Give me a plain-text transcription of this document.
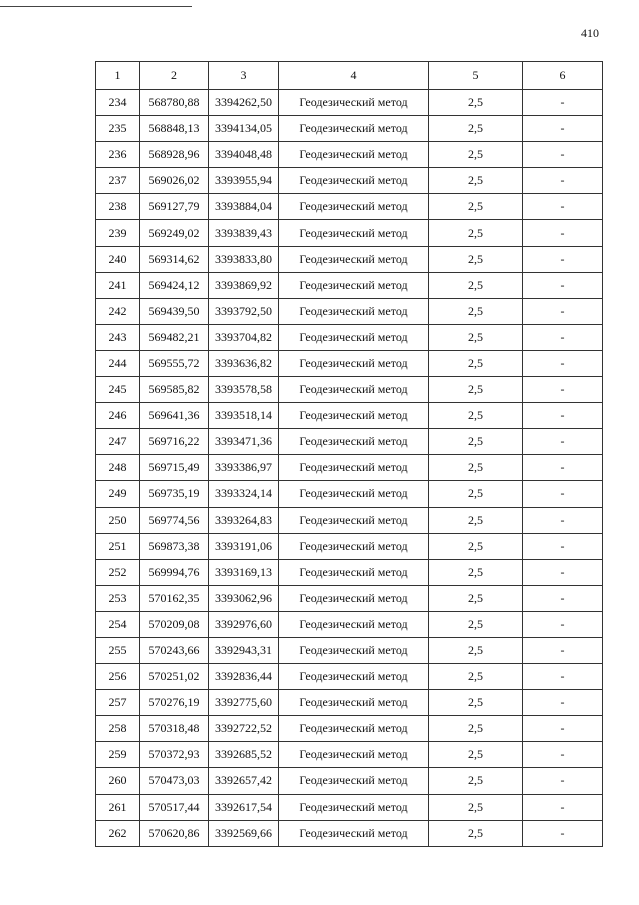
410
1	2	3	4	5	6
234	568780,88	3394262,50	Геодезический метод	2,5	-
235	568848,13	3394134,05	Геодезический метод	2,5	-
236	568928,96	3394048,48	Геодезический метод	2,5	-
237	569026,02	3393955,94	Геодезический метод	2,5	-
238	569127,79	3393884,04	Геодезический метод	2,5	-
239	569249,02	3393839,43	Геодезический метод	2,5	-
240	569314,62	3393833,80	Геодезический метод	2,5	-
241	569424,12	3393869,92	Геодезический метод	2,5	-
242	569439,50	3393792,50	Геодезический метод	2,5	-
243	569482,21	3393704,82	Геодезический метод	2,5	-
244	569555,72	3393636,82	Геодезический метод	2,5	-
245	569585,82	3393578,58	Геодезический метод	2,5	-
246	569641,36	3393518,14	Геодезический метод	2,5	-
247	569716,22	3393471,36	Геодезический метод	2,5	-
248	569715,49	3393386,97	Геодезический метод	2,5	-
249	569735,19	3393324,14	Геодезический метод	2,5	-
250	569774,56	3393264,83	Геодезический метод	2,5	-
251	569873,38	3393191,06	Геодезический метод	2,5	-
252	569994,76	3393169,13	Геодезический метод	2,5	-
253	570162,35	3393062,96	Геодезический метод	2,5	-
254	570209,08	3392976,60	Геодезический метод	2,5	-
255	570243,66	3392943,31	Геодезический метод	2,5	-
256	570251,02	3392836,44	Геодезический метод	2,5	-
257	570276,19	3392775,60	Геодезический метод	2,5	-
258	570318,48	3392722,52	Геодезический метод	2,5	-
259	570372,93	3392685,52	Геодезический метод	2,5	-
260	570473,03	3392657,42	Геодезический метод	2,5	-
261	570517,44	3392617,54	Геодезический метод	2,5	-
262	570620,86	3392569,66	Геодезический метод	2,5	-
